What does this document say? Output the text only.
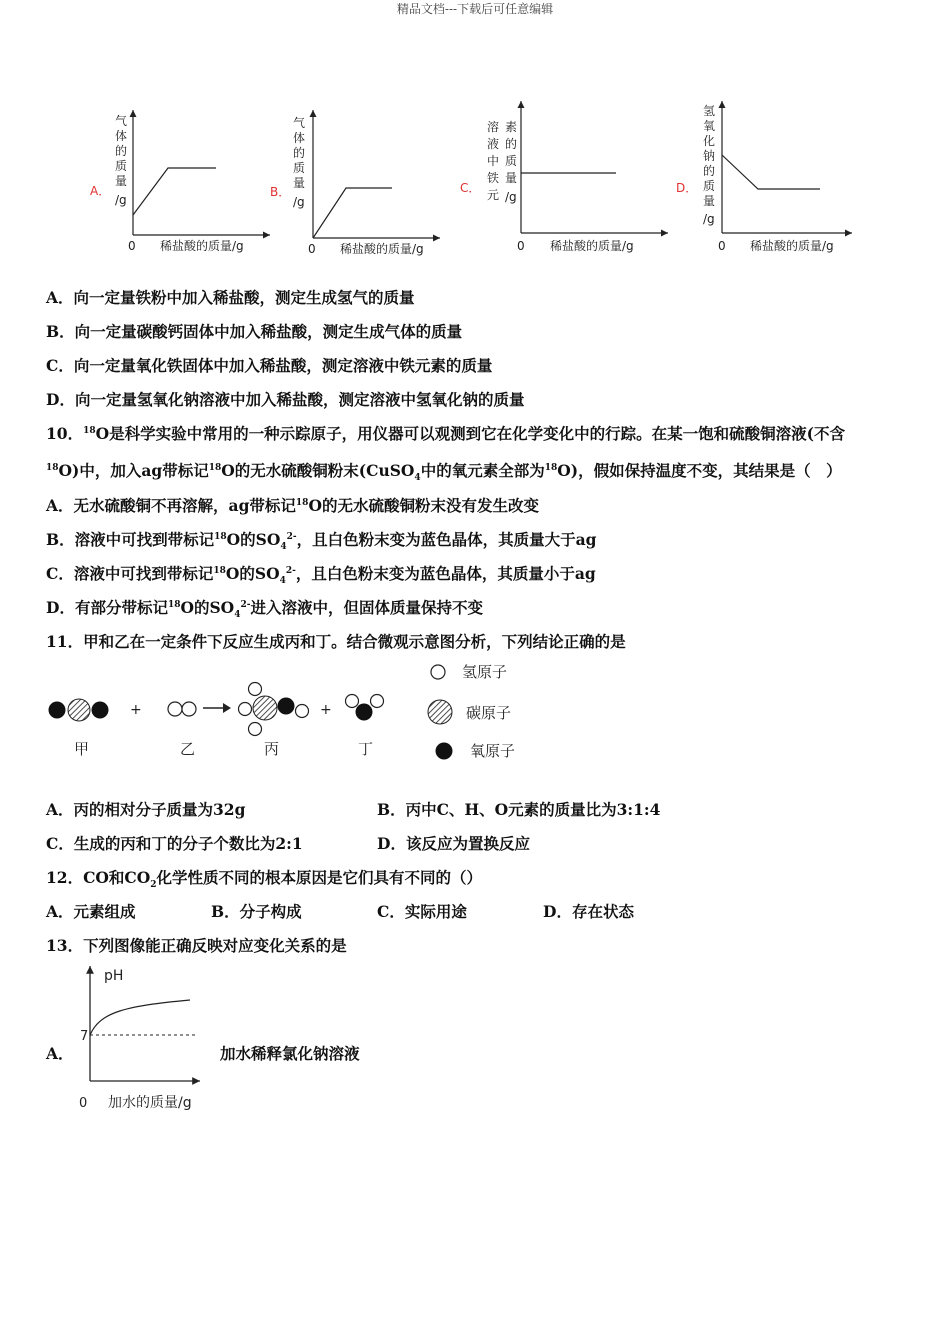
精品文档---下载后可任意编辑
A．
气
体
的
质
量
/g
0 稀盐酸的质量/g
B．
气
体
的
质
量
/g
0 稀盐酸的质量/g
C．
溶
液
中
铁
元
素
的
质
量
/g
0 稀盐酸的质量/g
D．
氢
氧
化
钠
的
质
量
/g
0 稀盐酸的质量/g
A．向一定量铁粉中加入稀盐酸，测定生成氢气的质量
B．向一定量碳酸钙固体中加入稀盐酸，测定生成气体的质量
C．向一定量氧化铁固体中加入稀盐酸，测定溶液中铁元素的质量
D．向一定量氢氧化钠溶液中加入稀盐酸，测定溶液中氢氧化钠的质量
10．$^{18}$O是科学实验中常用的一种示踪原子，用仪器可以观测到它在化学变化中的行踪。在某一饱和硫酸铜溶液(不含
$^{18}$O)中，加入ag带标记$^{18}$O的无水硫酸铜粉末(CuSO$_4$中的氧元素全部为$^{18}$O)，假如保持温度不变，其结果是（　）
A．无水硫酸铜不再溶解，ag带标记$^{18}$O的无水硫酸铜粉末没有发生改变
B．溶液中可找到带标记$^{18}$O的$SO_4^{2-}$，且白色粉末变为蓝色晶体，其质量大于ag
C．溶液中可找到带标记$^{18}$O的$SO_4^{2-}$，且白色粉末变为蓝色晶体，其质量小于ag
D．有部分带标记$^{18}$O的$SO_4^{2-}$进入溶液中，但固体质量保持不变
11．甲和乙在一定条件下反应生成丙和丁。结合微观示意图分析，下列结论正确的是
+	+
甲	乙	丙	丁
氢原子
碳原子
氧原子
A．丙的相对分子质量为32g	B．丙中C、H、O元素的质量比为3:1:4
C．生成的丙和丁的分子个数比为2:1	D．该反应为置换反应
12．CO和$CO_2$化学性质不同的根本原因是它们具有不同的（）
A．元素组成	B．分子构成	C．实际用途	D．存在状态
13．下列图像能正确反映对应变化关系的是
A．
pH
7
0 加水的质量/g
加水稀释氯化钠溶液
